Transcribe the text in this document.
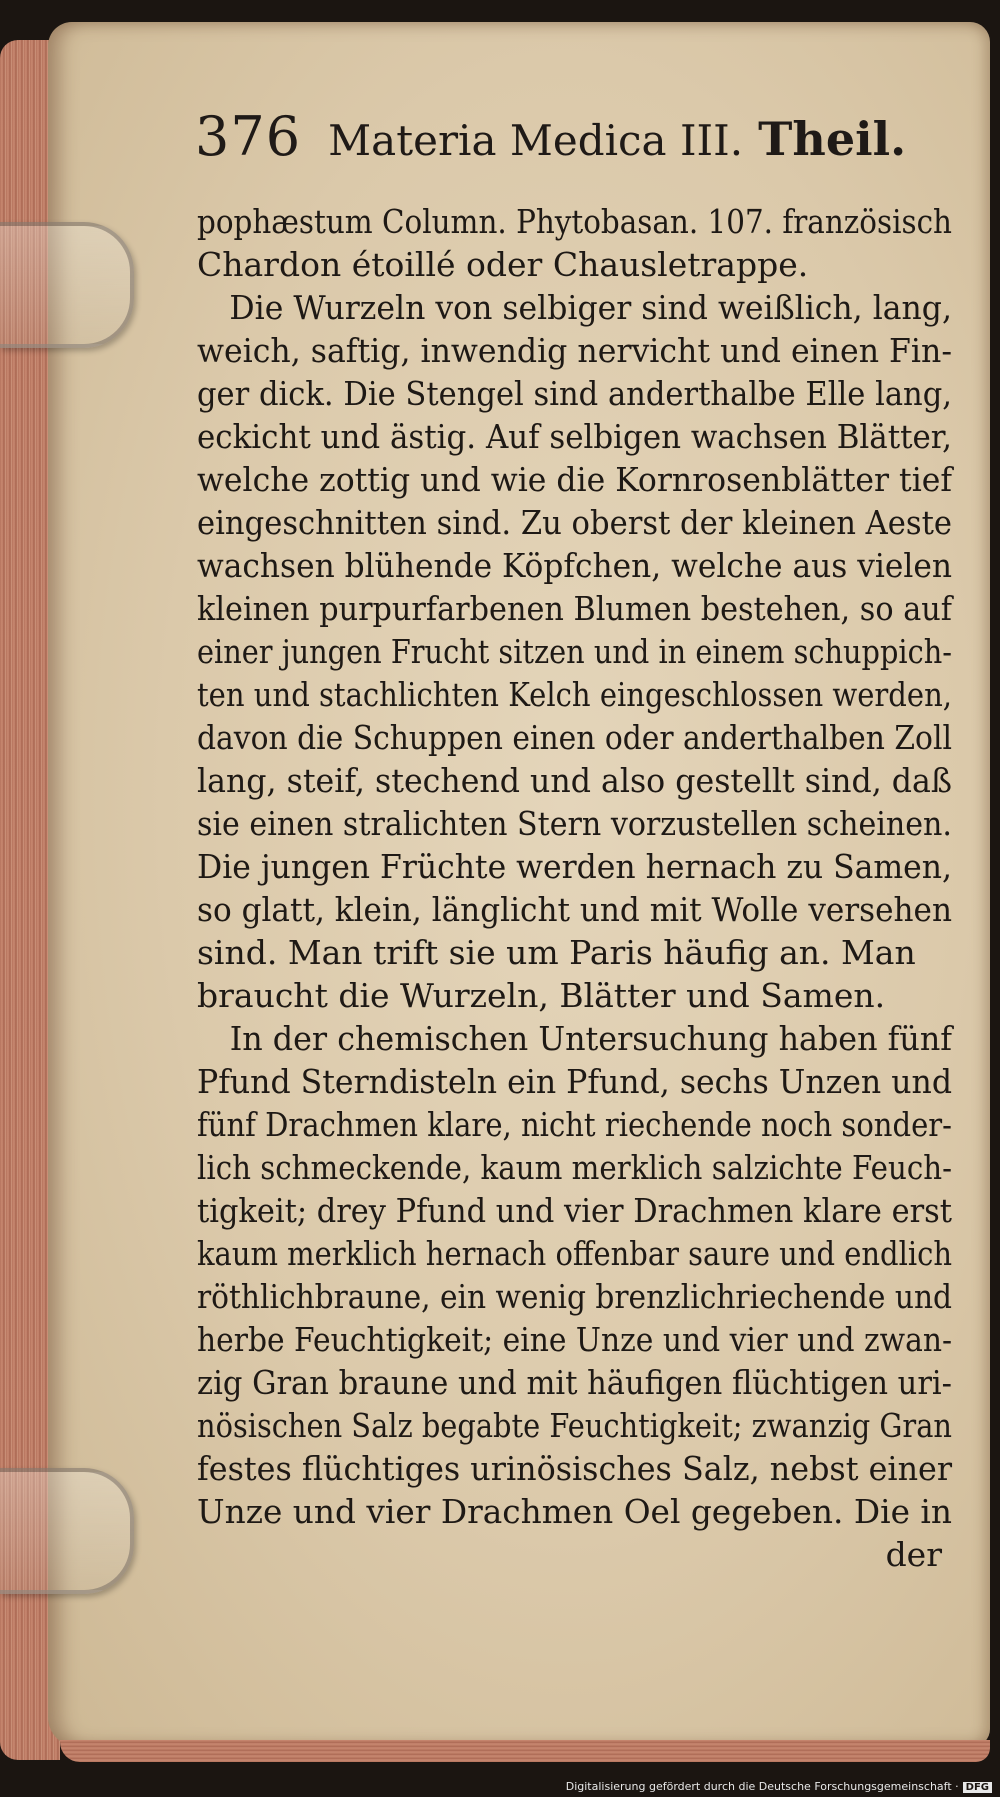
376 Materia Medica III. Theil.
pophæstum Column. Phytobasan. 107. französisch
Chardon étoillé oder Chausletrappe.
Die Wurzeln von selbiger sind weißlich, lang,
weich, saftig, inwendig nervicht und einen Fin-
ger dick. Die Stengel sind anderthalbe Elle lang,
eckicht und ästig. Auf selbigen wachsen Blätter,
welche zottig und wie die Kornrosenblätter tief
eingeschnitten sind. Zu oberst der kleinen Aeste
wachsen blühende Köpfchen, welche aus vielen
kleinen purpurfarbenen Blumen bestehen, so auf
einer jungen Frucht sitzen und in einem schuppich-
ten und stachlichten Kelch eingeschlossen werden,
davon die Schuppen einen oder anderthalben Zoll
lang, steif, stechend und also gestellt sind, daß
sie einen stralichten Stern vorzustellen scheinen.
Die jungen Früchte werden hernach zu Samen,
so glatt, klein, länglicht und mit Wolle versehen
sind. Man trift sie um Paris häufig an. Man
braucht die Wurzeln, Blätter und Samen.
In der chemischen Untersuchung haben fünf
Pfund Sterndisteln ein Pfund, sechs Unzen und
fünf Drachmen klare, nicht riechende noch sonder-
lich schmeckende, kaum merklich salzichte Feuch-
tigkeit; drey Pfund und vier Drachmen klare erst
kaum merklich hernach offenbar saure und endlich
röthlichbraune, ein wenig brenzlichriechende und
herbe Feuchtigkeit; eine Unze und vier und zwan-
zig Gran braune und mit häufigen flüchtigen uri-
nösischen Salz begabte Feuchtigkeit; zwanzig Gran
festes flüchtiges urinösisches Salz, nebst einer
Unze und vier Drachmen Oel gegeben. Die in
der
Digitalisierung gefördert durch die Deutsche Forschungsgemeinschaft · DFG
